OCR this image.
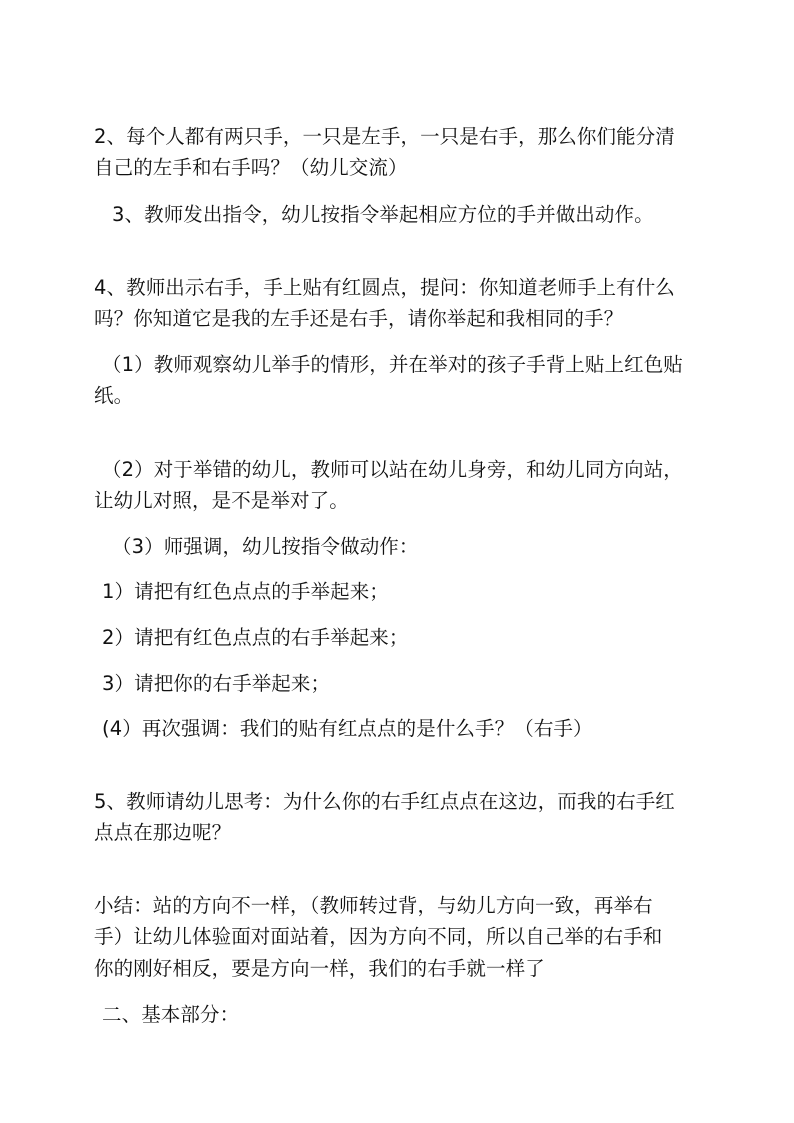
2、每个人都有两只手，一只是左手，一只是右手，那么你们能分清
自己的左手和右手吗？（幼儿交流）
3、教师发出指令，幼儿按指令举起相应方位的手并做出动作。
4、教师出示右手，手上贴有红圆点，提问：你知道老师手上有什么
吗？你知道它是我的左手还是右手，请你举起和我相同的手？
（1）教师观察幼儿举手的情形，并在举对的孩子手背上贴上红色贴
纸。
（2）对于举错的幼儿，教师可以站在幼儿身旁，和幼儿同方向站，
让幼儿对照，是不是举对了。
（3）师强调，幼儿按指令做动作：
1）请把有红色点点的手举起来；
2）请把有红色点点的右手举起来；
3）请把你的右手举起来；
(4）再次强调：我们的贴有红点点的是什么手？（右手）
5、教师请幼儿思考：为什么你的右手红点点在这边，而我的右手红
点点在那边呢？
小结：站的方向不一样，（教师转过背，与幼儿方向一致，再举右
手）让幼儿体验面对面站着，因为方向不同，所以自己举的右手和
你的刚好相反，要是方向一样，我们的右手就一样了
二、基本部分：
